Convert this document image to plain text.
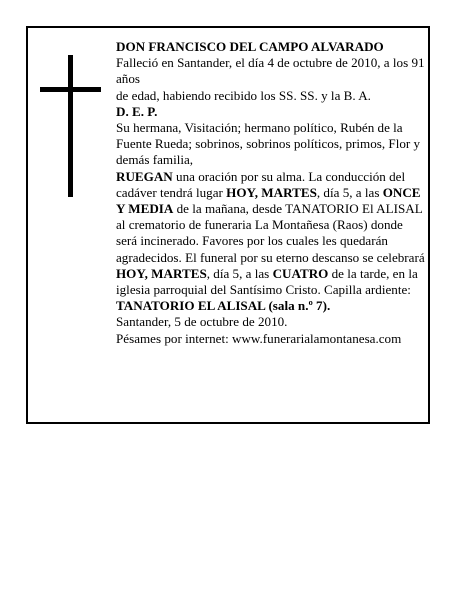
DON FRANCISCO DEL CAMPO ALVARADO

Falleció en Santander, el día 4 de octubre de 2010, a los 91 años

de edad, habiendo recibido los SS. SS. y la B. A.

D. E. P.

Su hermana, Visitación; hermano político, Rubén de la Fuente Rueda; sobrinos, sobrinos políticos, primos, Flor y demás familia,

RUEGAN una oración por su alma. La conducción del cadáver tendrá lugar HOY, MARTES, día 5, a las ONCE Y MEDIA de la mañana, desde TANATORIO El ALISAL al crematorio de funeraria La Montañesa (Raos) donde será incinerado. Favores por los cuales les quedarán agradecidos. El funeral por su eterno descanso se celebrará HOY, MARTES, día 5, a las CUATRO de la tarde, en la iglesia parroquial del Santísimo Cristo. Capilla ardiente: TANATORIO EL ALISAL (sala n.º 7).

Santander, 5 de octubre de 2010.

Pésames por internet: www.funerarialamontanesa.com
